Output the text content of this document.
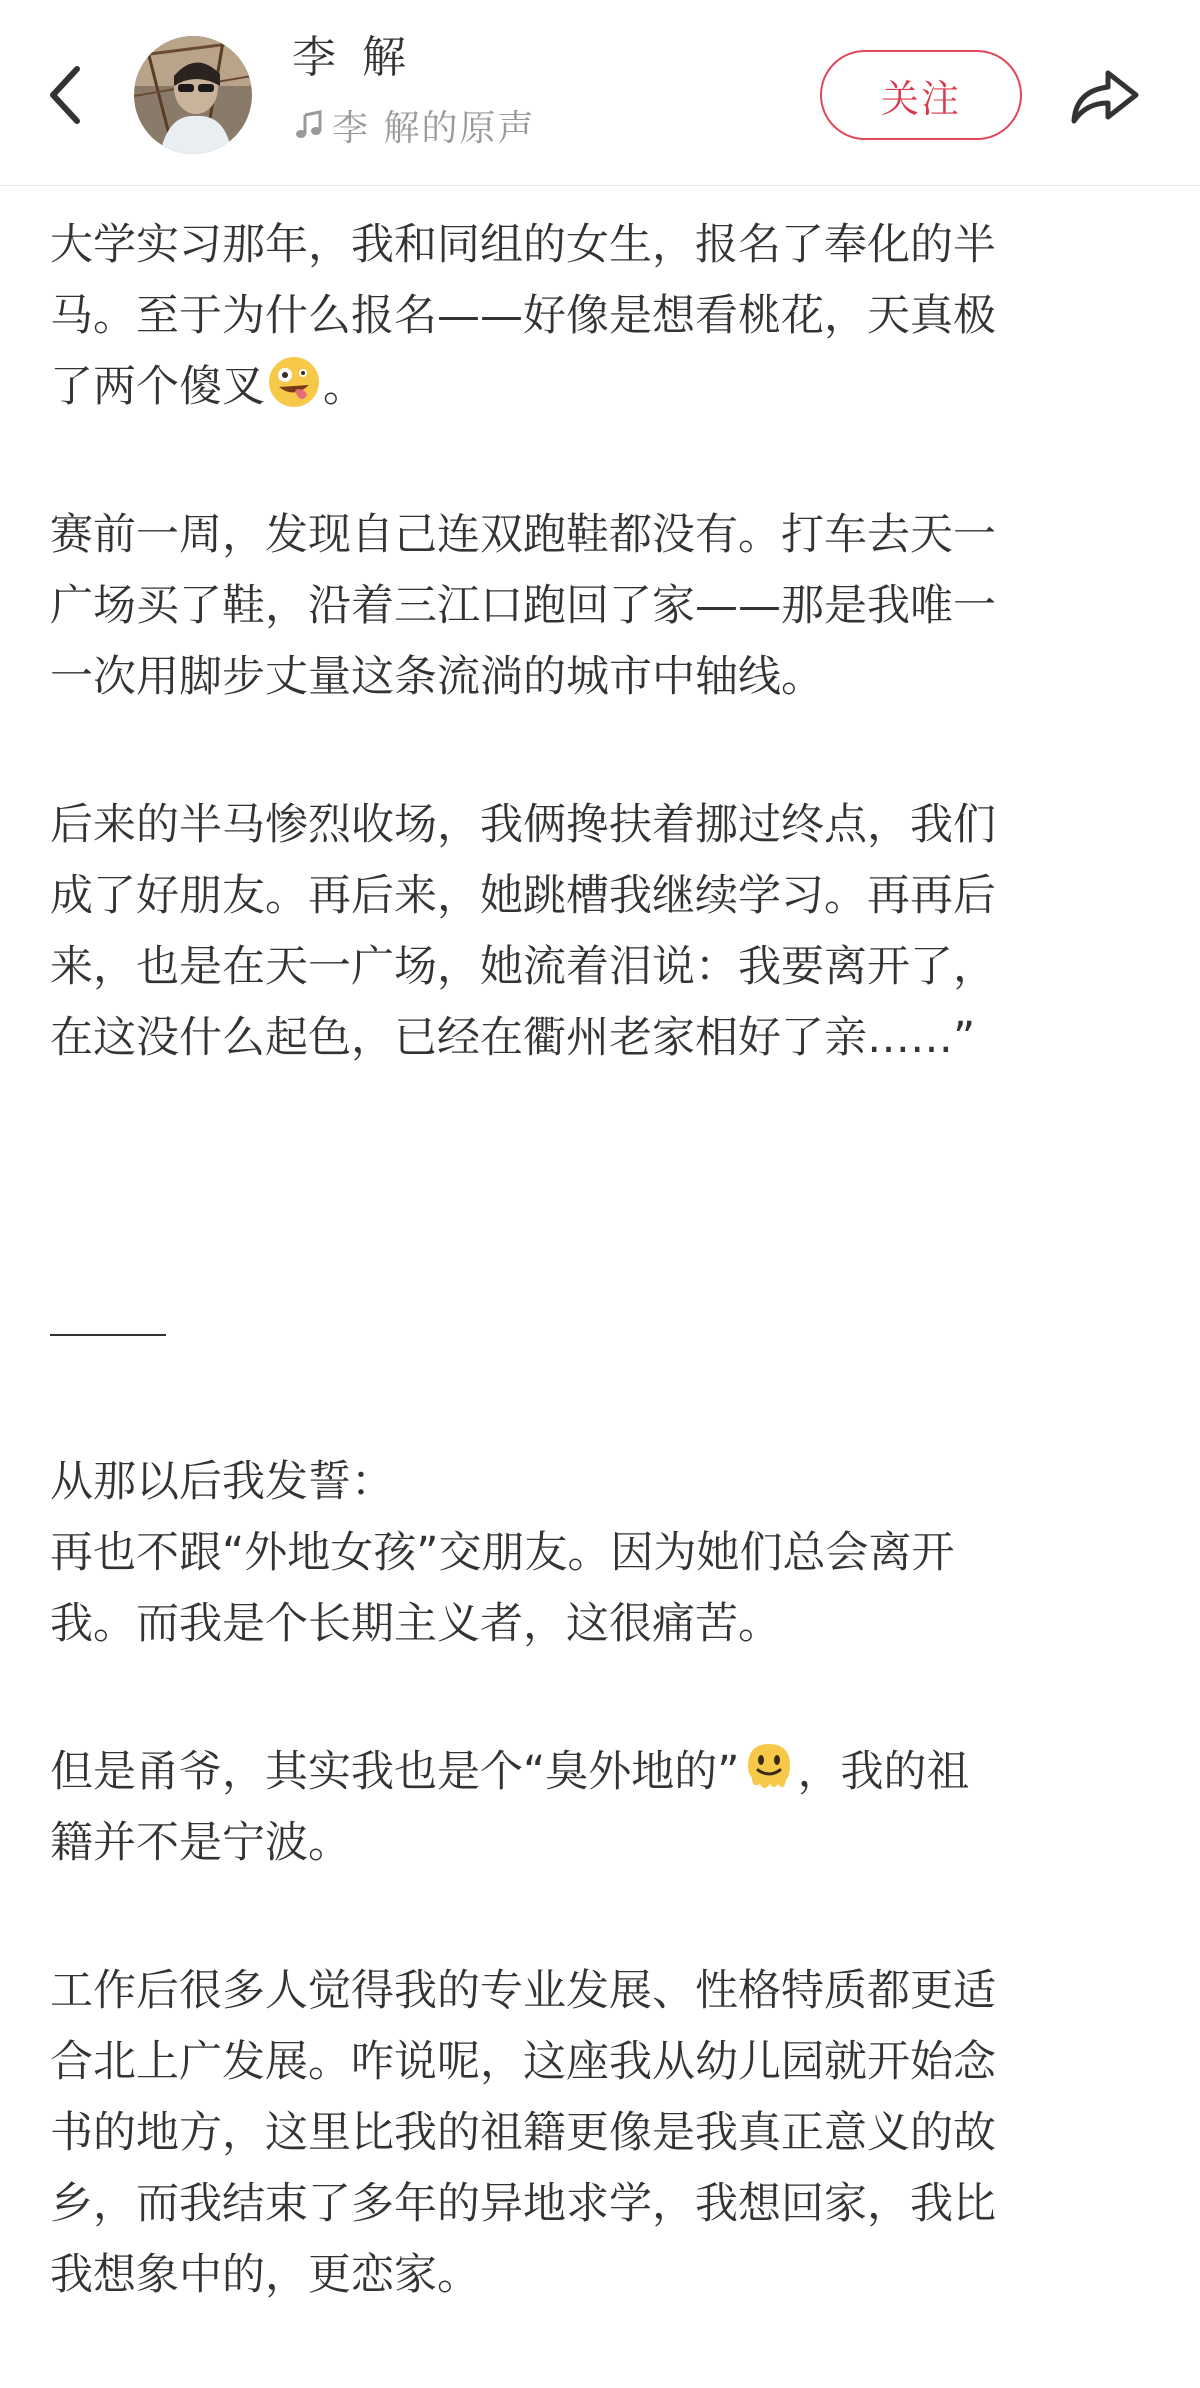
李 解
李 解的原声
关注
大学实习那年，我和同组的女生，报名了奉化的半
马。至于为什么报名——好像是想看桃花，天真极
了两个傻叉 。
赛前一周，发现自己连双跑鞋都没有。打车去天一
广场买了鞋，沿着三江口跑回了家——那是我唯一
一次用脚步丈量这条流淌的城市中轴线。
后来的半马惨烈收场，我俩搀扶着挪过终点，我们
成了好朋友。再后来，她跳槽我继续学习。再再后
来，也是在天一广场，她流着泪说：我要离开了，
在这没什么起色，已经在衢州老家相好了亲……”
从那以后我发誓：
再也不跟“外地女孩”交朋友。因为她们总会离开
我。而我是个长期主义者，这很痛苦。
但是甬爷，其实我也是个“臭外地的” ，我的祖
籍并不是宁波。
工作后很多人觉得我的专业发展、性格特质都更适
合北上广发展。咋说呢，这座我从幼儿园就开始念
书的地方，这里比我的祖籍更像是我真正意义的故
乡，而我结束了多年的异地求学，我想回家，我比
我想象中的，更恋家。
